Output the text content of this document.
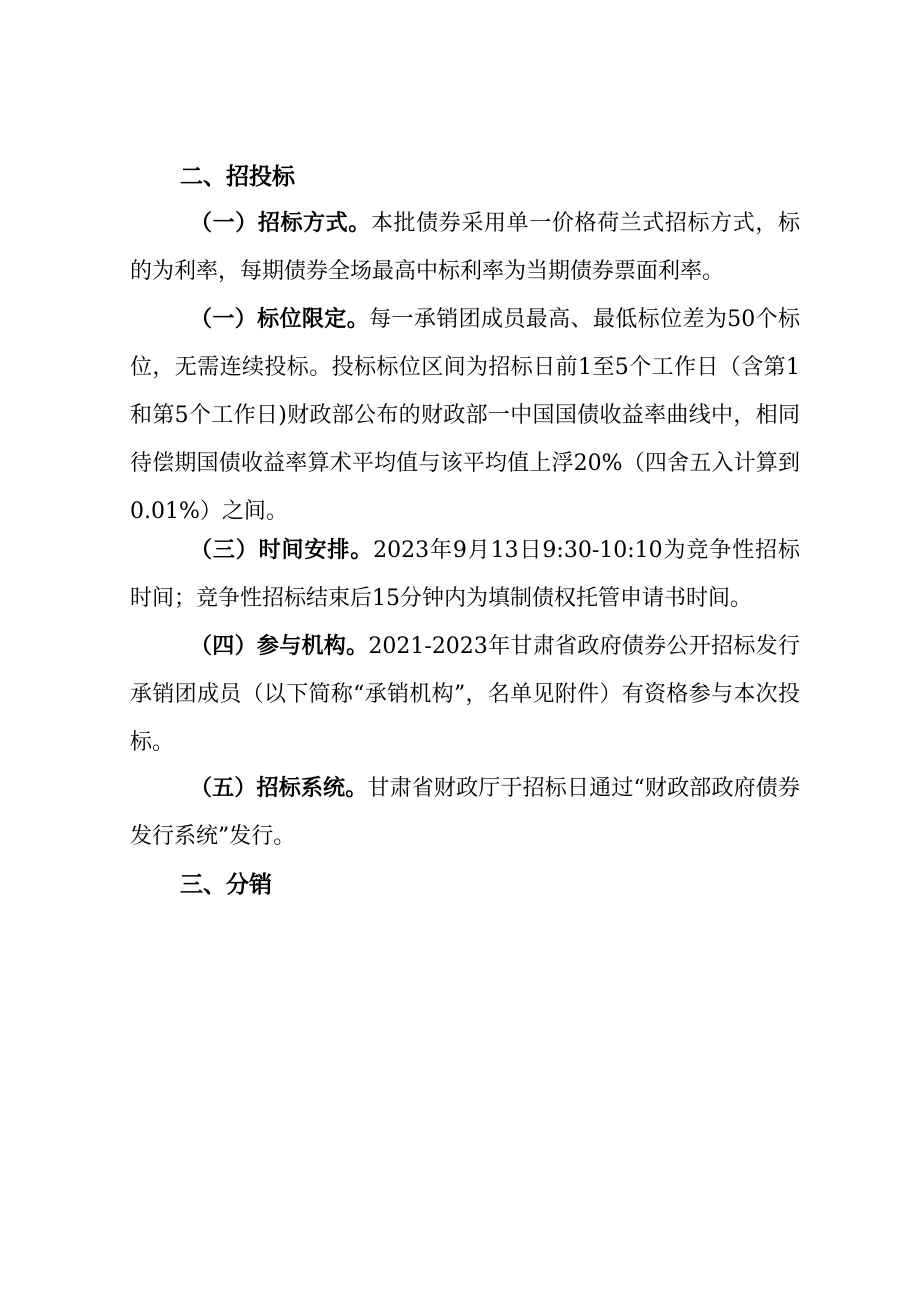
二、招投标

（一）招标方式。本批债券采用单一价格荷兰式招标方式，标的为利率，每期债券全场最高中标利率为当期债券票面利率。

（一）标位限定。每一承销团成员最高、最低标位差为50个标位，无需连续投标。投标标位区间为招标日前1至5个工作日（含第1和第5个工作日)财政部公布的财政部一中国国债收益率曲线中，相同待偿期国债收益率算术平均值与该平均值上浮20%（四舍五入计算到0.01%）之间。

（三）时间安排。2023年9月13日9:30-10:10为竞争性招标时间；竞争性招标结束后15分钟内为填制债权托管申请书时间。

（四）参与机构。2021-2023年甘肃省政府债券公开招标发行承销团成员（以下简称“承销机构”，名单见附件）有资格参与本次投标。

（五）招标系统。甘肃省财政厅于招标日通过“财政部政府债券发行系统”发行。

三、分销
